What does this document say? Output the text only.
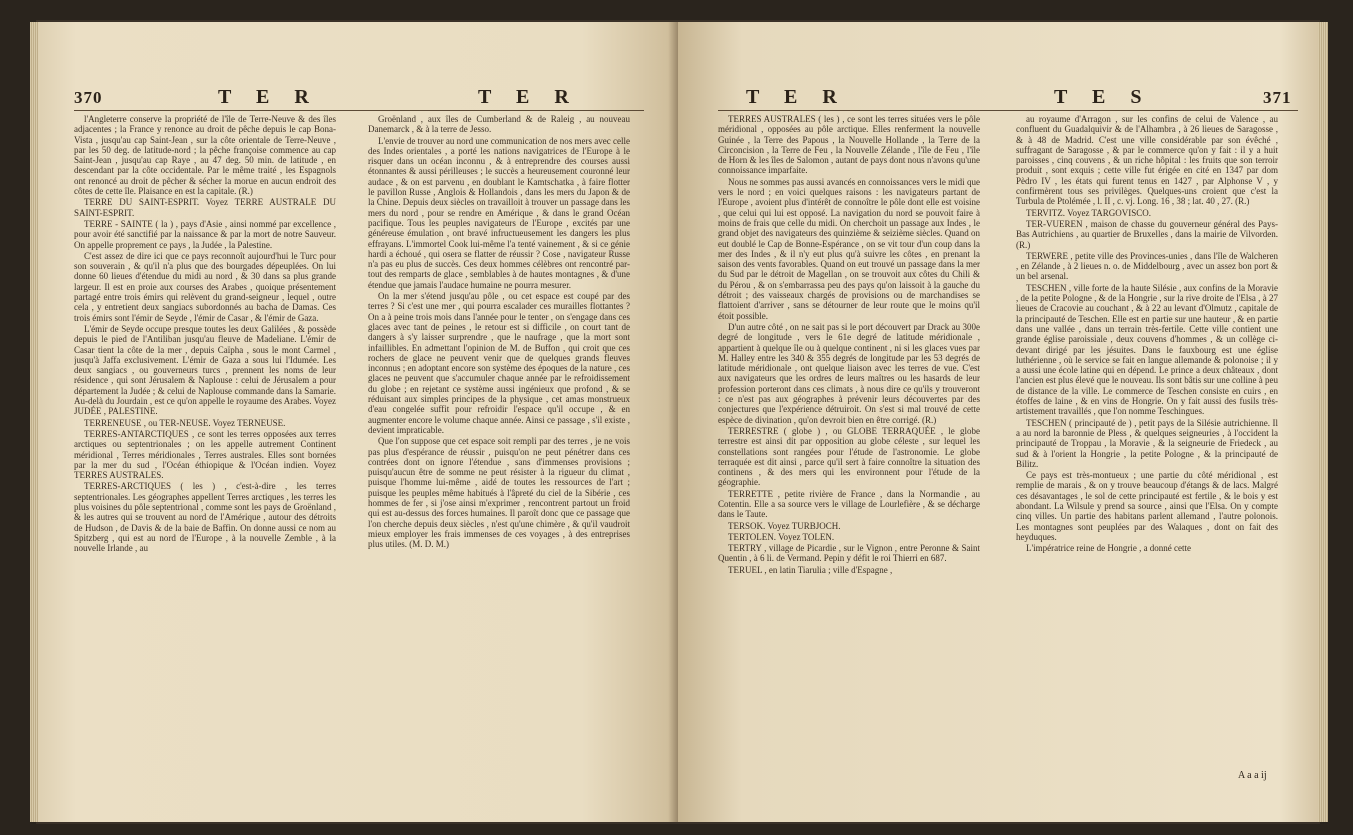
370	T E R	T E R

l'Angleterre conserve la propriété de l'île de Terre-Neuve & des îles adjacentes ; la France y renonce au droit de pêche depuis le cap Bona-Vista , jusqu'au cap Saint-Jean , sur la côte orientale de Terre-Neuve , par les 50 deg. de latitude-nord ; la pêche françoise commence au cap Saint-Jean , jusqu'au cap Raye , au 47 deg. 50 min. de latitude , en descendant par la côte occidentale. Par le même traité , les Espagnols ont renoncé au droit de pêcher & sécher la morue en aucun endroit des côtes de cette île. Plaisance en est la capitale. (R.)

TERRE DU SAINT-ESPRIT. Voyez TERRE AUSTRALE DU SAINT-ESPRIT.

TERRE - SAINTE ( la ) , pays d'Asie , ainsi nommé par excellence , pour avoir été sanctifié par la naissance & par la mort de notre Sauveur. On appelle proprement ce pays , la Judée , la Palestine.

C'est assez de dire ici que ce pays reconnoît aujourd'hui le Turc pour son souverain , & qu'il n'a plus que des bourgades dépeuplées. On lui donne 60 lieues d'étendue du midi au nord , & 30 dans sa plus grande largeur. Il est en proie aux courses des Arabes , quoique présentement partagé entre trois émirs qui relèvent du grand-seigneur , lequel , outre cela , y entretient deux sangiacs subordonnés au bacha de Damas. Ces trois émirs sont l'émir de Seyde , l'émir de Casar , & l'émir de Gaza.

L'émir de Seyde occupe presque toutes les deux Galilées , & possède depuis le pied de l'Antiliban jusqu'au fleuve de Madeliane. L'émir de Casar tient la côte de la mer , depuis Caïpha , sous le mont Carmel , jusqu'à Jaffa exclusivement. L'émir de Gaza a sous lui l'Idumée. Les deux sangiacs , ou gouverneurs turcs , prennent les noms de leur résidence , qui sont Jérusalem & Naplouse : celui de Jérusalem a pour département la Judée ; & celui de Naplouse commande dans la Samarie. Au-delà du Jourdain , est ce qu'on appelle le royaume des Arabes. Voyez JUDÉE , PALESTINE.

TERRENEUSE , ou TER-NEUSE. Voyez TERNEUSE.

TERRES-ANTARCTIQUES , ce sont les terres opposées aux terres arctiques ou septentrionales ; on les appelle autrement Continent méridional , Terres méridionales , Terres australes. Elles sont bornées par la mer du sud , l'Océan éthiopique & l'Océan indien. Voyez TERRES AUSTRALES.

TERRES-ARCTIQUES ( les ) , c'est-à-dire , les terres septentrionales. Les géographes appellent Terres arctiques , les terres les plus voisines du pôle septentrional , comme sont les pays de Groënland , & les autres qui se trouvent au nord de l'Amérique , autour des détroits de Hudson , de Davis & de la baie de Baffin. On donne aussi ce nom au Spitzberg , qui est au nord de l'Europe , à la nouvelle Zemble , à la nouvelle Irlande , au

Groënland , aux îles de Cumberland & de Raleig , au nouveau Danemarck , & à la terre de Jesso.

L'envie de trouver au nord une communication de nos mers avec celle des Indes orientales , a porté les nations navigatrices de l'Europe à le risquer dans un océan inconnu , & à entreprendre des courses aussi étonnantes & aussi périlleuses ; le succès a heureusement couronné leur audace , & on est parvenu , en doublant le Kamtschatka , à faire flotter le pavillon Russe , Anglois & Hollandois , dans les mers du Japon & de la Chine. Depuis deux siècles on travailloit à trouver un passage dans les mers du nord , pour se rendre en Amérique , & dans le grand Océan pacifique. Tous les peuples navigateurs de l'Europe , excités par une généreuse émulation , ont bravé infructueusement les dangers les plus effrayans. L'immortel Cook lui-même l'a tenté vainement , & si ce génie hardi a échoué , qui osera se flatter de réussir ? Cose , navigateur Russe n'a pas eu plus de succès. Ces deux hommes célèbres ont rencontré par-tout des remparts de glace , semblables à de hautes montagnes , & d'une étendue que jamais l'audace humaine ne pourra mesurer.

On la mer s'étend jusqu'au pôle , ou cet espace est coupé par des terres ? Si c'est une mer , qui pourra escalader ces murailles flottantes ? On a à peine trois mois dans l'année pour le tenter , on s'engage dans ces glaces avec tant de peines , le retour est si difficile , on court tant de dangers à s'y laisser surprendre , que le naufrage , que la mort sont infaillibles. En admettant l'opinion de M. de Buffon , qui croit que ces rochers de glace ne peuvent venir que de quelques grands fleuves inconnus ; en adoptant encore son système des époques de la nature , ces glaces ne peuvent que s'accumuler chaque année par le refroidissement du globe ; en rejetant ce système aussi ingénieux que profond , & se réduisant aux simples principes de la physique , cet amas monstrueux d'eau congelée suffit pour refroidir l'espace qu'il occupe , & en augmenter encore le volume chaque année. Ainsi ce passage , s'il existe , devient impraticable.

Que l'on suppose que cet espace soit rempli par des terres , je ne vois pas plus d'espérance de réussir , puisqu'on ne peut pénétrer dans ces contrées dont on ignore l'étendue , sans d'immenses provisions ; puisqu'aucun être de somme ne peut résister à la rigueur du climat , puisque l'homme lui-même , aidé de toutes les ressources de l'art ; puisque les peuples même habitués à l'âpreté du ciel de la Sibérie , ces hommes de fer , si j'ose ainsi m'exprimer , rencontrent partout un froid qui est au-dessus des forces humaines. Il paroît donc que ce passage que l'on cherche depuis deux siècles , n'est qu'une chimère , & qu'il vaudroit mieux employer les frais immenses de ces voyages , à des entreprises plus utiles. (M. D. M.)

T E R	T E S	371

TERRES AUSTRALES ( les ) , ce sont les terres situées vers le pôle méridional , opposées au pôle arctique. Elles renferment la nouvelle Guinée , la Terre des Papous , la Nouvelle Hollande , la Terre de la Circoncision , la Terre de Feu , la Nouvelle Zélande , l'île de Feu , l'île de Horn & les îles de Salomon , autant de pays dont nous n'avons qu'une connoissance imparfaite.

Nous ne sommes pas aussi avancés en connoissances vers le midi que vers le nord ; en voici quelques raisons : les navigateurs partant de l'Europe , avoient plus d'intérêt de connoître le pôle dont elle est voisine , que celui qui lui est opposé. La navigation du nord se pouvoit faire à moins de frais que celle du midi. On cherchoit un passage aux Indes , le grand objet des navigateurs des quinzième & seizième siècles. Quand on eut doublé le Cap de Bonne-Espérance , on se vit tour d'un coup dans la mer des Indes , & il n'y eut plus qu'à suivre les côtes , en prenant la saison des vents favorables. Quand on eut trouvé un passage dans la mer du Sud par le détroit de Magellan , on se trouvoit aux côtes du Chili & du Pérou , & on s'embarrassa peu des pays qu'on laissoit à la gauche du détroit ; des vaisseaux chargés de provisions ou de marchandises se flattoient d'arriver , sans se détourner de leur route que le moins qu'il étoit possible.

D'un autre côté , on ne sait pas si le port découvert par Drack au 300e degré de longitude , vers le 61e degré de latitude méridionale , appartient à quelque île ou à quelque continent , ni si les glaces vues par M. Halley entre les 340 & 355 degrés de longitude par les 53 degrés de latitude méridionale , ont quelque liaison avec les terres de vue. C'est aux navigateurs que les ordres de leurs maîtres ou les hasards de leur profession porteront dans ces climats , à nous dire ce qu'ils y trouveront : ce n'est pas aux géographes à prévenir leurs découvertes par des conjectures que l'expérience détruiroit. On s'est si mal trouvé de cette espèce de divination , qu'on devroit bien en être corrigé. (R.)

TERRESTRE ( globe ) , ou GLOBE TERRAQUÉE , le globe terrestre est ainsi dit par opposition au globe céleste , sur lequel les constellations sont rangées pour l'étude de l'astronomie. Le globe terraquée est dit ainsi , parce qu'il sert à faire connoître la situation des continens , & des mers qui les environnent pour l'étude de la géographie.

TERRETTE , petite rivière de France , dans la Normandie , au Cotentin. Elle a sa source vers le village de Lourlefière , & se décharge dans le Taute.

TERSOK. Voyez TURBJOCH.

TERTOLEN. Voyez TOLEN.

TERTRY , village de Picardie , sur le Vignon , entre Peronne & Saint Quentin , à 6 li. de Vermand. Pepin y défit le roi Thierri en 687.

TERUEL , en latin Tiarulia ; ville d'Espagne ,

au royaume d'Arragon , sur les confins de celui de Valence , au confluent du Guadalquivir & de l'Alhambra , à 26 lieues de Saragosse , & à 48 de Madrid. C'est une ville considérable par son évêché , suffragant de Saragosse , & par le commerce qu'on y fait : il y a huit paroisses , cinq couvens , & un riche hôpital : les fruits que son terroir produit , sont exquis ; cette ville fut érigée en cité en 1347 par dom Pèdro IV , les états qui furent tenus en 1427 , par Alphonse V , y confirmèrent tous ses privilèges. Quelques-uns croient que c'est la Turbula de Ptolémée , l. II , c. vj. Long. 16 , 38 ; lat. 40 , 27. (R.)

TERVITZ. Voyez TARGOVISCO.

TER-VUEREN , maison de chasse du gouverneur général des Pays-Bas Autrichiens , au quartier de Bruxelles , dans la mairie de Vilvorden. (R.)

TERWERE , petite ville des Provinces-unies , dans l'île de Walcheren , en Zélande , à 2 lieues n. o. de Middelbourg , avec un assez bon port & un bel arsenal.

TESCHEN , ville forte de la haute Silésie , aux confins de la Moravie , de la petite Pologne , & de la Hongrie , sur la rive droite de l'Elsa , à 27 lieues de Cracovie au couchant , & à 22 au levant d'Olmutz , capitale de la principauté de Teschen. Elle est en partie sur une hauteur , & en partie dans une vallée , dans un terrain très-fertile. Cette ville contient une grande église paroissiale , deux couvens d'hommes , & un collège ci-devant dirigé par les jésuites. Dans le fauxbourg est une église luthérienne , où le service se fait en langue allemande & polonoise ; il y a aussi une école latine qui en dépend. Le prince a deux châteaux , dont l'ancien est plus élevé que le nouveau. Ils sont bâtis sur une colline à peu de distance de la ville. Le commerce de Teschen consiste en cuirs , en étoffes de laine , & en vins de Hongrie. On y fait aussi des fusils très-artistement travaillés , que l'on nomme Teschingues.

TESCHEN ( principauté de ) , petit pays de la Silésie autrichienne. Il a au nord la baronnie de Pless , & quelques seigneuries , à l'occident la principauté de Troppau , la Moravie , & la seigneurie de Friedeck , au sud & à l'orient la Hongrie , la petite Pologne , & la principauté de Bilitz.

Ce pays est très-montueux ; une partie du côté méridional , est remplie de marais , & on y trouve beaucoup d'étangs & de lacs. Malgré ces désavantages , le sol de cette principauté est fertile , & le bois y est abondant. La Wilsule y prend sa source , ainsi que l'Elsa. On y compte cinq villes. Un partie des habitans parlent allemand , l'autre polonois. Les montagnes sont peuplées par des Walaques , dont on fait des heyduques.

L'impératrice reine de Hongrie , a donné cette

A a a ij
